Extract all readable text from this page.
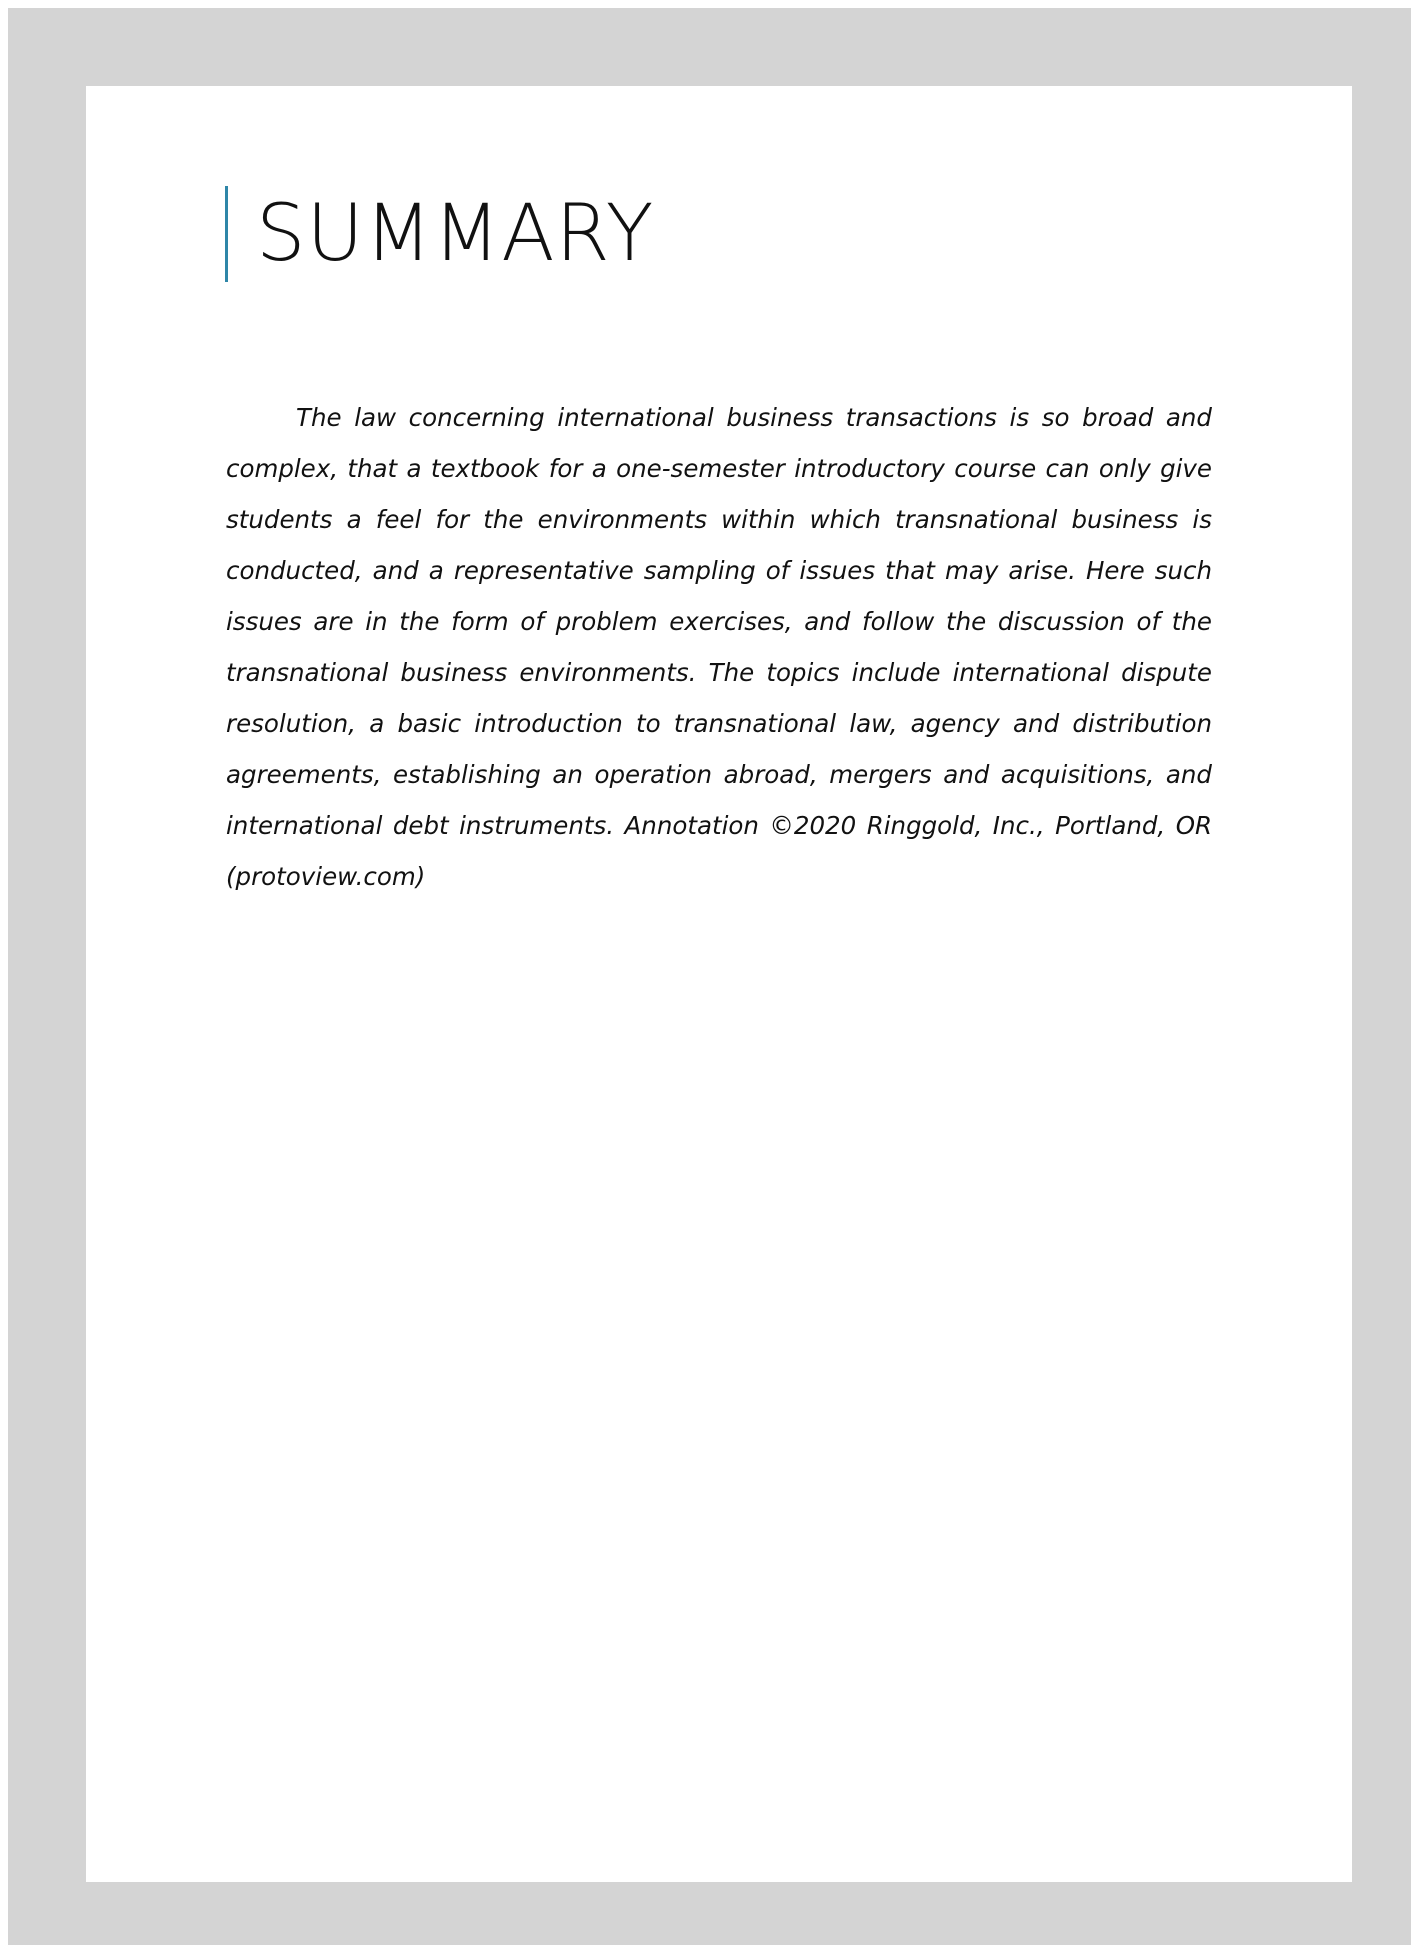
SUMMARY

The law concerning international business transactions is so broad and complex, that a textbook for a one-semester introductory course can only give students a feel for the environments within which transnational business is conducted, and a representative sampling of issues that may arise. Here such issues are in the form of problem exercises, and follow the discussion of the transnational business environments. The topics include international dispute resolution, a basic introduction to transnational law, agency and distribution agreements, establishing an operation abroad, mergers and acquisitions, and international debt instruments. Annotation ©2020 Ringgold, Inc., Portland, OR (protoview.com)
